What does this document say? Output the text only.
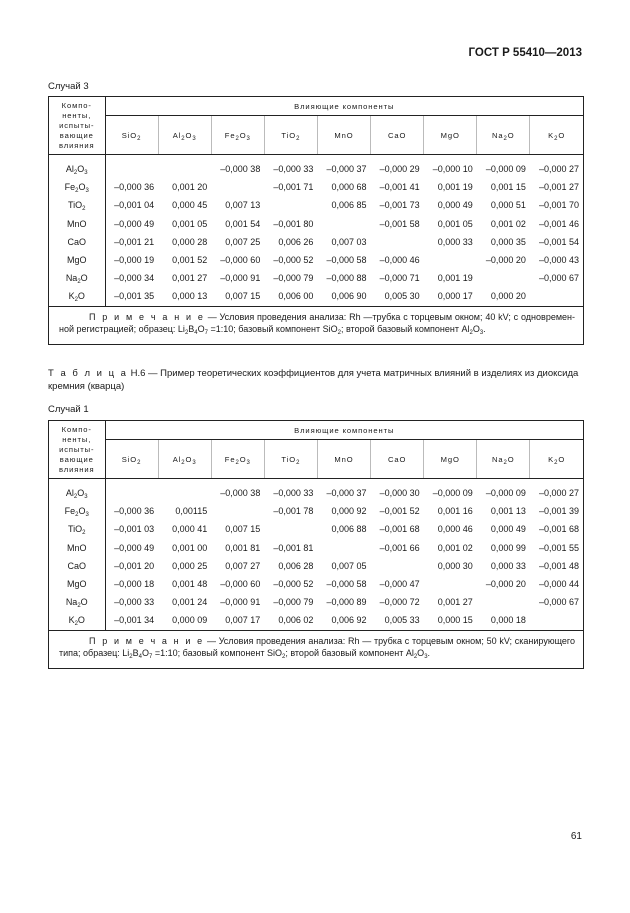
ГОСТ Р 55410—2013
Случай 3
Компо-
ненты,
испыты-
вающие
влияния	Влияющие компоненты								
	SiO$_2$	$Al_2O_3$	$Fe_2O_3$	TiO$_2$	MnO	CaO	MgO	$Na_2O$	$K_2O$
$Al_2O_3$			–0,000 38	–0,000 33	–0,000 37	–0,000 29	–0,000 10	–0,000 09	–0,000 27
$Fe_2O_3$	–0,000 36	0,001 20		–0,001 71	0,000 68	–0,001 41	0,001 19	0,001 15	–0,001 27
TiO$_2$	–0,001 04	0,000 45	0,007 13		0,006 85	–0,001 73	0,000 49	0,000 51	–0,001 70
MnO	–0,000 49	0,001 05	0,001 54	–0,001 80		–0,001 58	0,001 05	0,001 02	–0,001 46
CaO	–0,001 21	0,000 28	0,007 25	0,006 26	0,007 03		0,000 33	0,000 35	–0,001 54
MgO	–0,000 19	0,001 52	–0,000 60	–0,000 52	–0,000 58	–0,000 46		–0,000 20	–0,000 43
$Na_2O$	–0,000 34	0,001 27	–0,000 91	–0,000 79	–0,000 88	–0,000 71	0,001 19		–0,000 67
$K_2O$	–0,001 35	0,000 13	0,007 15	0,006 00	0,006 90	0,005 30	0,000 17	0,000 20	

П р и м е ч а н и е — Условия проведения анализа: Rh —трубка с торцевым окном; 40 kV; с одновремен-ной регистрацией; образец: $Li_2B_4O_7$ =1:10; базовый компонент SiO$_2$; второй базовый компонент $Al_2O_3$.									
Т а б л и ц а Н.6 — Пример теоретических коэффициентов для учета матричных влияний в изделиях из диоксида кремния (кварца)
Случай 1
Компо-
ненты,
испыты-
вающие
влияния	Влияющие компоненты								
	SiO$_2$	$Al_2O_3$	$Fe_2O_3$	TiO$_2$	MnO	CaO	MgO	$Na_2O$	$K_2O$
$Al_2O_3$			–0,000 38	–0,000 33	–0,000 37	–0,000 30	–0,000 09	–0,000 09	–0,000 27
$Fe_2O_3$	–0,000 36	0,00115		–0,001 78	0,000 92	–0,001 52	0,001 16	0,001 13	–0,001 39
TiO$_2$	–0,001 03	0,000 41	0,007 15		0,006 88	–0,001 68	0,000 46	0,000 49	–0,001 68
MnO	–0,000 49	0,001 00	0,001 81	–0,001 81		–0,001 66	0,001 02	0,000 99	–0,001 55
CaO	–0,001 20	0,000 25	0,007 27	0,006 28	0,007 05		0,000 30	0,000 33	–0,001 48
MgO	–0,000 18	0,001 48	–0,000 60	–0,000 52	–0,000 58	–0,000 47		–0,000 20	–0,000 44
$Na_2O$	–0,000 33	0,001 24	–0,000 91	–0,000 79	–0,000 89	–0,000 72	0,001 27		–0,000 67
$K_2O$	–0,001 34	0,000 09	0,007 17	0,006 02	0,006 92	0,005 33	0,000 15	0,000 18	

П р и м е ч а н и е — Условия проведения анализа: Rh — трубка с торцевым окном; 50 kV; сканирующего типа; образец: $Li_2B_4O_7$ =1:10; базовый компонент SiO$_2$; второй базовый компонент $Al_2O_3$.									
61
